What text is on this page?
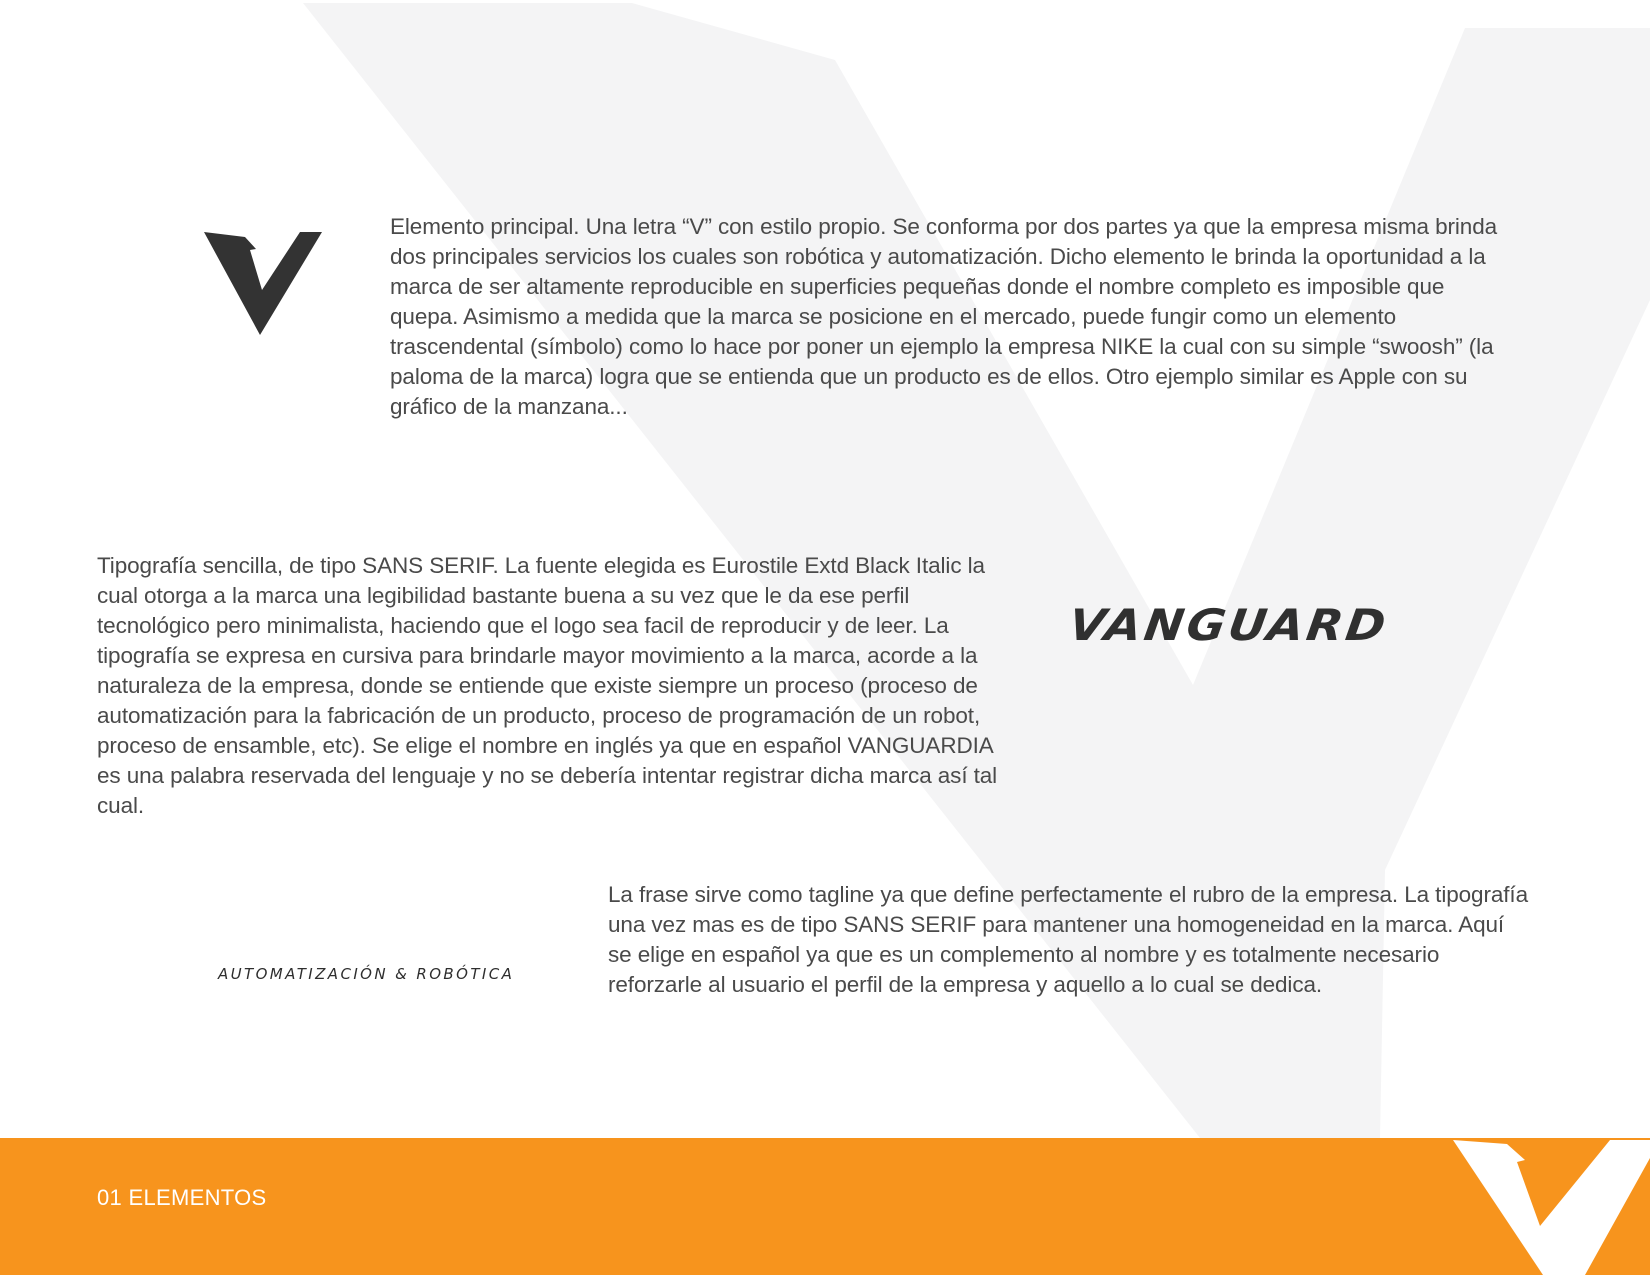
Elemento principal. Una letra “V” con estilo propio. Se conforma por dos partes ya que la empresa misma brinda dos principales servicios los cuales son robótica y automatización. Dicho elemento le brinda la oportunidad a la marca de ser altamente reproducible en superficies pequeñas donde el nombre completo es imposible que quepa. Asimismo a medida que la marca se posicione en el mercado, puede fungir como un elemento trascendental (símbolo) como lo hace por poner un ejemplo la empresa NIKE la cual con su simple “swoosh” (la paloma de la marca) logra que se entienda que un producto es de ellos. Otro ejemplo similar es Apple con su gráfico de la manzana...

Tipografía sencilla, de tipo SANS SERIF. La fuente elegida es Eurostile Extd Black Italic la cual otorga a la marca una legibilidad bastante buena a su vez que le da ese perfil tecnológico pero minimalista, haciendo que el logo sea facil de reproducir y de leer. La tipografía se expresa en cursiva para brindarle mayor movimiento a la marca, acorde a la naturaleza de la empresa, donde se entiende que existe siempre un proceso (proceso de automatización para la fabricación de un producto, proceso de programación de un robot, proceso de ensamble, etc). Se elige el nombre en inglés ya que en español VANGUARDIA es una palabra reservada del lenguaje y no se debería intentar registrar dicha marca así tal cual.

VANGUARD

AUTOMATIZACIÓN & ROBÓTICA

La frase sirve como tagline ya que define perfectamente el rubro de la empresa. La tipografía una vez mas es de tipo SANS SERIF para mantener una homogeneidad en la marca. Aquí se elige en español ya que es un complemento al nombre y es totalmente necesario reforzarle al usuario el perfil de la empresa y aquello a lo cual se dedica.

01 ELEMENTOS
